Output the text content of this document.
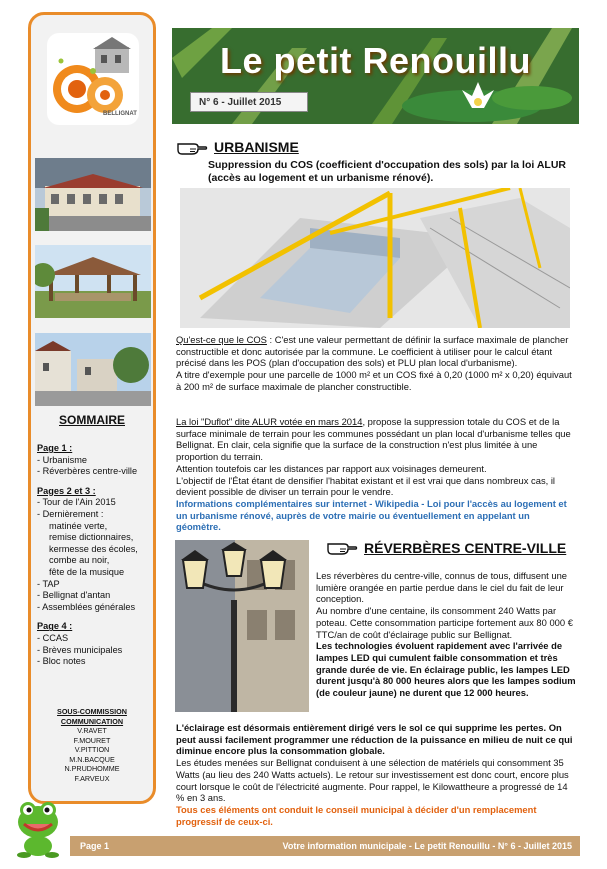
BELLIGNAT
SOMMAIRE
Page 1 :
- Urbanisme
- Réverbères centre-ville
Pages 2 et 3 :
- Tour de l'Ain 2015
- Dernièrement :
matinée verte,
remise dictionnaires,
kermesse des écoles,
combe au noir,
fête de la musique
- TAP
- Bellignat d'antan
- Assemblées générales
Page 4 :
- CCAS
- Brèves municipales
- Bloc notes
SOUS-COMMISSION
COMMUNICATION
V.RAVET
F.MOURET
V.PITTION
M.N.BACQUE
N.PRUDHOMME
F.ARVEUX
Le petit Renouillu
N° 6 - Juillet 2015
URBANISME
Suppression du COS (coefficient d'occupation des sols) par la loi ALUR (accès au logement et un urbanisme rénové).
Qu'est-ce que le COS : C'est une valeur permettant de définir la surface maximale de plancher constructible et donc autorisée par la commune. Le coefficient à utiliser pour le calcul étant précisé dans les POS (plan d'occupation des sols) et PLU plan local d'urbanisme).
A titre d'exemple pour une parcelle de 1000 m² et un COS fixé à 0,20 (1000 m² x 0,20) équivaut à 200 m² de surface maximale de plancher constructible.
La loi "Duflot" dite ALUR votée en mars 2014, propose la suppression totale du COS et de la surface minimale de terrain pour les communes possédant un plan local d'urbanisme telles que Bellignat. En clair, cela signifie que la surface de la construction n'est plus limitée à une proportion du terrain.
Attention toutefois car les distances par rapport aux voisinages demeurent.
L'objectif de l'État étant de densifier l'habitat existant et il est vrai que dans nombreux cas, il devient possible de diviser un terrain pour le vendre.
Informations complémentaires sur internet - Wikipedia - Loi pour l'accès au logement et un urbanisme rénové, auprès de votre mairie ou éventuellement en appelant un géomètre.
RÉVERBÈRES CENTRE-VILLE
Les réverbères du centre-ville, connus de tous, diffusent une lumière orangée en partie perdue dans le ciel du fait de leur conception.
Au nombre d'une centaine, ils consomment 240 Watts par poteau. Cette consommation participe fortement aux 80 000 € TTC/an de coût d'éclairage public sur Bellignat.
Les technologies évoluent rapidement avec l'arrivée de lampes LED qui cumulent faible consommation et très grande durée de vie. En éclairage public, les lampes LED durent jusqu'à 80 000 heures alors que les lampes sodium (de couleur jaune) ne durent que 12 000 heures.
L'éclairage est désormais entièrement dirigé vers le sol ce qui supprime les pertes. On peut aussi facilement programmer une réduction de la puissance en milieu de nuit ce qui diminue encore plus la consommation globale.
Les études menées sur Bellignat conduisent à une sélection de matériels qui consomment 35 Watts (au lieu des 240 Watts actuels). Le retour sur investissement est donc court, encore plus court lorsque le coût de l'électricité augmente. Pour rappel, le Kilowattheure a progressé de 14 % en 3 ans.
Tous ces éléments ont conduit le conseil municipal à décider d'un remplacement progressif de ceux-ci.
Page 1	Votre information municipale - Le petit Renouillu - N° 6 - Juillet 2015
